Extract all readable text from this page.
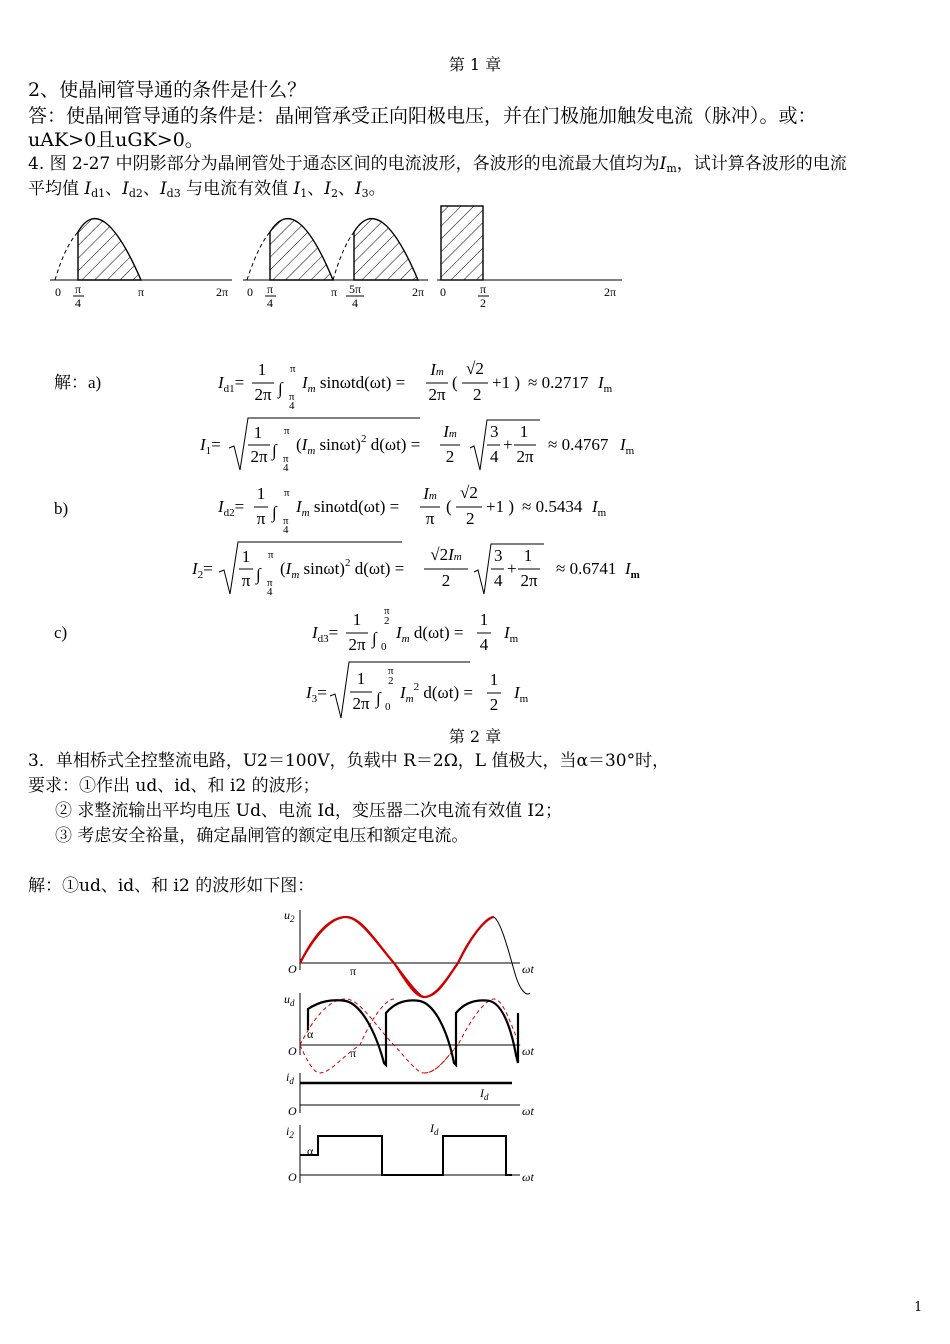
第 1 章
2、使晶闸管导通的条件是什么？
答：使晶闸管导通的条件是：晶闸管承受正向阳极电压，并在门极施加触发电流（脉冲）。或：
uAK>0且uGK>0。
4. 图 2-27 中阴影部分为晶闸管处于通态区间的电流波形，各波形的电流最大值均为$I_m$，试计算各波形的电流
平均值 $I_{d1}$、$I_{d2}$、$I_{d3}$ 与电流有效值 $I_1$、$I_2$、$I_3$。
0 π
4
π	2π 0 π
4
π 5π
4
2π 0	π
2
2π
解：a)
b)
c)
$I_{d1}=$
1
2π ∫
π
π
4
$I_m$ sinωtd(ωt) =
Im
2π
(
√2
2
+1 ) ≈ 0.2717 $I_m$
$I_1=$
1
2π ∫
π
π
4
($I_m$ sinωt)$^2$ d(ωt) =
Im
2
3
4
+
1
2π
≈ 0.4767 $I_m$
$I_{d2}=$
1
π ∫
π
π
4
$I_m$ sinωtd(ωt) =
Im
π
(
√2
2
+1 ) ≈ 0.5434 $I_m$
$I_2=$
1
π ∫
π
π
4
($I_m$ sinωt)$^2$ d(ωt) =
√2Im
2
3
4
+
1
2π
≈ 0.6741 $I_m$
$I_{d3}=$
1
2π ∫
π
2
0
$I_m$ d(ωt) =
1
4
$I_m$
$I_3=$
1
2π ∫
π
2
0
$I_m^2$ d(ωt) =
1
2
$I_m$
第 2 章
3．单相桥式全控整流电路，U2＝100V，负载中 R＝2Ω，L 值极大，当α＝30°时，
要求：①作出 ud、id、和 i2 的波形；
② 求整流输出平均电压 Ud、电流 Id，变压器二次电流有效值 I2；
③ 考虑安全裕量，确定晶闸管的额定电压和额定电流。
解：①ud、id、和 i2 的波形如下图：
$u_2$
O	π	ωt
$u_d$
O
α
π	ωt
$i_d$
O
$I_d$
ωt
$i_2$
O
α
$I_d$
ωt
1
